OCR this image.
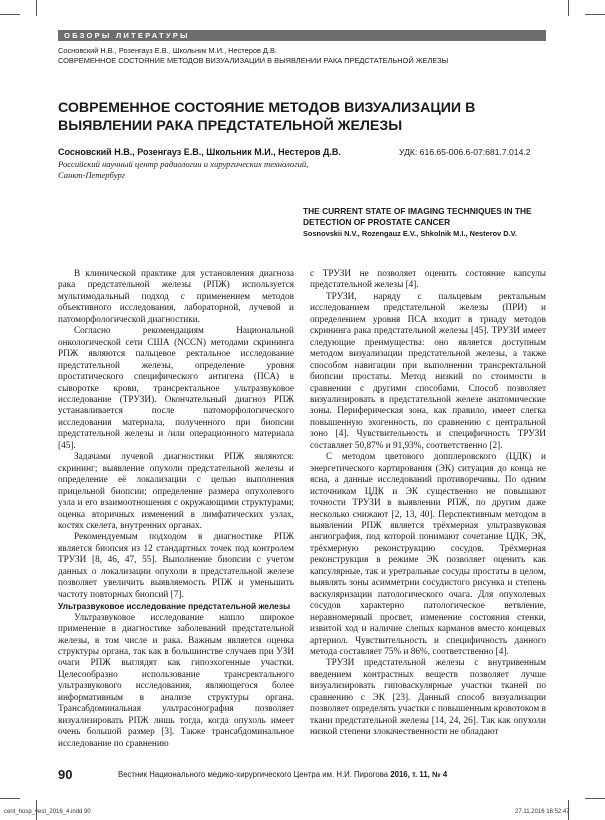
ОБЗОРЫ ЛИТЕРАТУРЫ
Сосновский Н.В., Розенгауз Е.В., Школьник М.И., Нестеров Д.В.
СОВРЕМЕННОЕ СОСТОЯНИЕ МЕТОДОВ ВИЗУАЛИЗАЦИИ В ВЫЯВЛЕНИИ РАКА ПРЕДСТАТЕЛЬНОЙ ЖЕЛЕЗЫ
СОВРЕМЕННОЕ СОСТОЯНИЕ МЕТОДОВ ВИЗУАЛИЗАЦИИ В ВЫЯВЛЕНИИ РАКА ПРЕДСТАТЕЛЬНОЙ ЖЕЛЕЗЫ
Сосновский Н.В., Розенгауз Е.В., Школьник М.И., Нестеров Д.В.	УДК: 616.65-006.6-07:681.7.014.2
Российский научный центр радиологии и хирургических технологий, Санкт-Петербург
THE CURRENT STATE OF IMAGING TECHNIQUES IN THE DETECTION OF PROSTATE CANCER
Sosnovskii N.V., Rozengauz E.V., Shkolnik M.I., Nesterov D.V.

В клинической практике для установления диагноза рака предстательной железы (РПЖ) используется мультимодальный подход с применением методов объективного исследования, лабораторной, лучевой и патоморфологической диагностики.

Согласно рекомендациям Национальной онкологической сети США (NCCN) методами скрининга РПЖ являются пальцевое ректальное исследование предстательной железы, определение уровня простатического специфического антигена (ПСА) в сыворотке крови, трансректальное ультразвуковое исследование (ТРУЗИ). Окончательный диагноз РПЖ устанавливается после патоморфологического исследования материала, полученного при биопсии предстательной железы и /или операционного материала [45].

Задачами лучевой диагностики РПЖ являются: скрининг; выявление опухоли предстательной железы и определение её локализации с целью выполнения прицельной биопсии; определение размера опухолевого узла и его взаимоотношения с окружающими структурами; оценка вторичных изменений в лимфатических узлах, костях скелета, внутренних органах.

Рекомендуемым подходом в диагностике РПЖ является биопсия из 12 стандартных точек под контролем ТРУЗИ [8, 46, 47, 55]. Выполнение биопсии с учетом данных о локализации опухоли в предстательной железе позволяет увеличить выявляемость РПЖ и уменьшить частоту повторных биопсий [7].

Ультразвуковое исследование предстательной железы

Ультразвуковое исследование нашло широкое применение в диагностике заболеваний предстательной железы, в том числе и рака. Важным является оценка структуры органа, так как в большинстве случаев при УЗИ очаги РПЖ выглядят как гипоэхогенные участки. Целесообразно использование трансректального ультразвукового исследования, являющегося более информативным в анализе структуры органа. Трансабдоминальная ультрасонография позволяет визуализировать РПЖ лишь тогда, когда опухоль имеет очень большой размер [3]. Также трансабдоминальное исследование по сравнению

с ТРУЗИ не позволяет оценить состояние капсулы предстательной железы [4].

ТРУЗИ, наряду с пальцевым ректальным исследованием предстательной железы (ПРИ) и определением уровня ПСА входит в триаду методов скрининга рака предстательной железы [45]. ТРУЗИ имеет следующие преимущества: оно является доступным методом визуализации предстательной железы, а также способом навигации при выполнении трансректальной биопсии простаты. Метод низкий по стоимости в сравнении с другими способами. Способ позволяет визуализировать в предстательной железе анатомические зоны. Периферическая зона, как правило, имеет слегка повышенную эхогенность, по сравнению с центральной зоно [4]. Чувствительность и специфичность ТРУЗИ составляет 50,87% и 91,93%, соответственно [2].

С методом цветового допплеровского (ЦДК) и энергетического картирования (ЭК) ситуация до конца не ясна, а данные исследований противоречивы. По одним источникам ЦДК и ЭК существенно не повышают точности ТРУЗИ в выявлении РПЖ, по другим даже несколько снижают [2, 13, 40]. Перспективным методом в выявлении РПЖ является трёхмерная ультразвуковая ангиография, под которой понимают сочетание ЦДК, ЭК, трёхмерную реконструкцию сосудов. Трёхмерная реконструкция в режиме ЭК позволяет оценить как капсулярные, так и уретральные сосуды простаты в целом, выявлять зоны асимметрии сосудистого рисунка и степень васкуляризации патологического очага. Для опухолевых сосудов характерно патологическое ветвление, неравномерный просвет, изменение состояния стенки, извитой ход и наличие слепых карманов вместо концевых артериол. Чувствительность и специфичность данного метода составляет 75% и 86%, соответственно [4].

ТРУЗИ предстательной железы с внутривенным введением контрастных веществ позволяет лучше визуализировать гиповаскулярные участки тканей по сравнению с ЭК [23]. Данный способ визуализации позволяет определять участки с повышенным кровотоком в ткани предстательной железы [14, 24, 26]. Так как опухоли низкой степени злокачественности не обладают

90	Вестник Национального медико-хирургического Центра им. Н.И. Пирогова 2016, т. 11, № 4
cent_hosp_vest_2016_4.indd 90	27.11.2016 16:52:47
